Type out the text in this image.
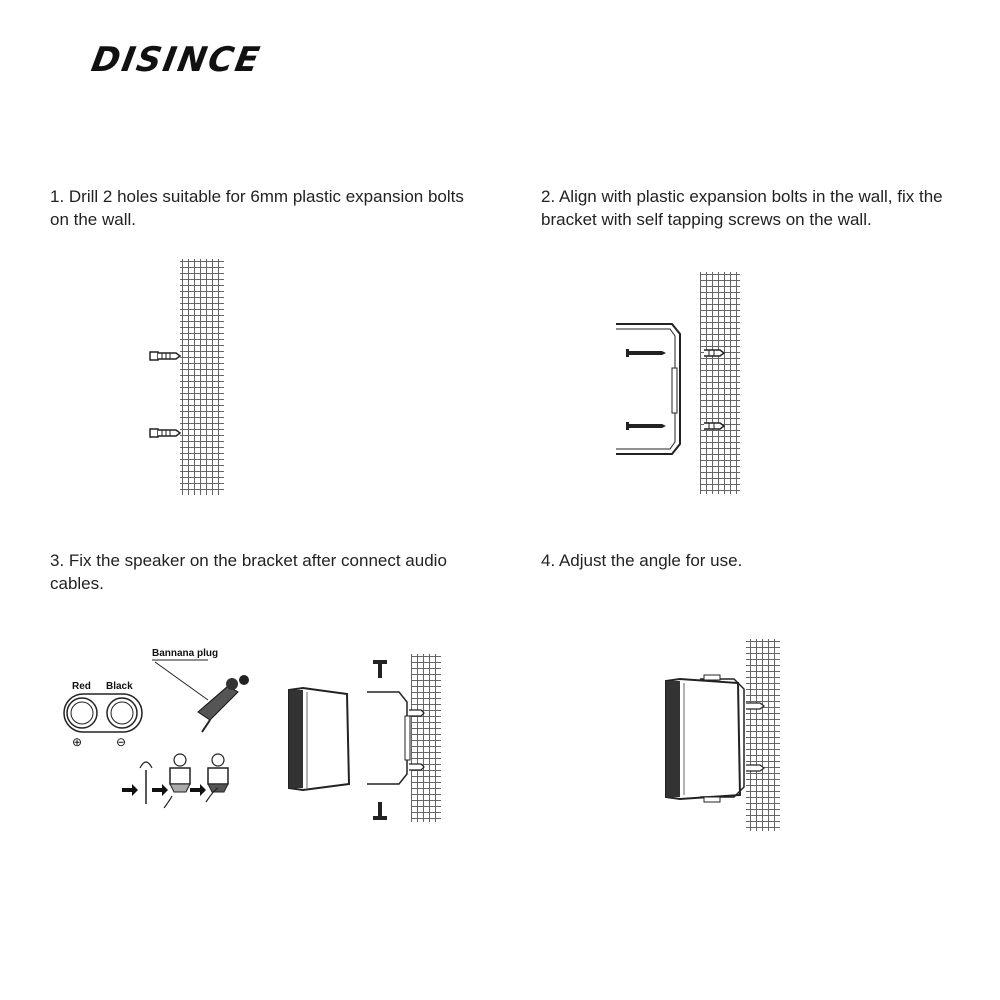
DISINCE
1. Drill 2 holes suitable for 6mm plastic expansion bolts on the wall.
2. Align with plastic expansion bolts in the wall, fix the bracket with self tapping screws on the wall.
3. Fix the speaker on the bracket after connect audio cables.
4. Adjust the angle for use.
Bannana plug
Red Black
⊕	⊖
